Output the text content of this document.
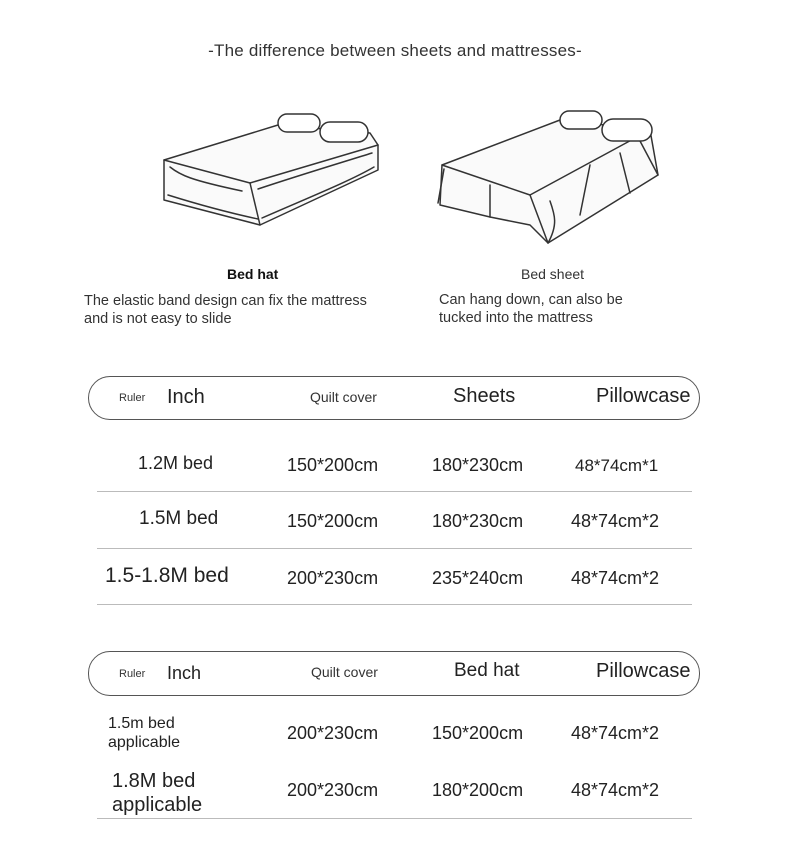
-The difference between sheets and mattresses-
Bed hat	Bed sheet
The elastic band design can fix the mattress
and is not easy to slide
Can hang down, can also be
tucked into the mattress
Ruler Inch	Quilt cover	Sheets	Pillowcase
1.2M bed	150*200cm	180*230cm	48*74cm*1
1.5M bed	150*200cm	180*230cm	48*74cm*2
1.5-1.8M bed	200*230cm	235*240cm	48*74cm*2
Ruler Inch	Quilt cover	Bed hat	Pillowcase
1.5m bed
applicable	200*230cm	150*200cm	48*74cm*2
1.8M bed
applicable
200*230cm	180*200cm	48*74cm*2
